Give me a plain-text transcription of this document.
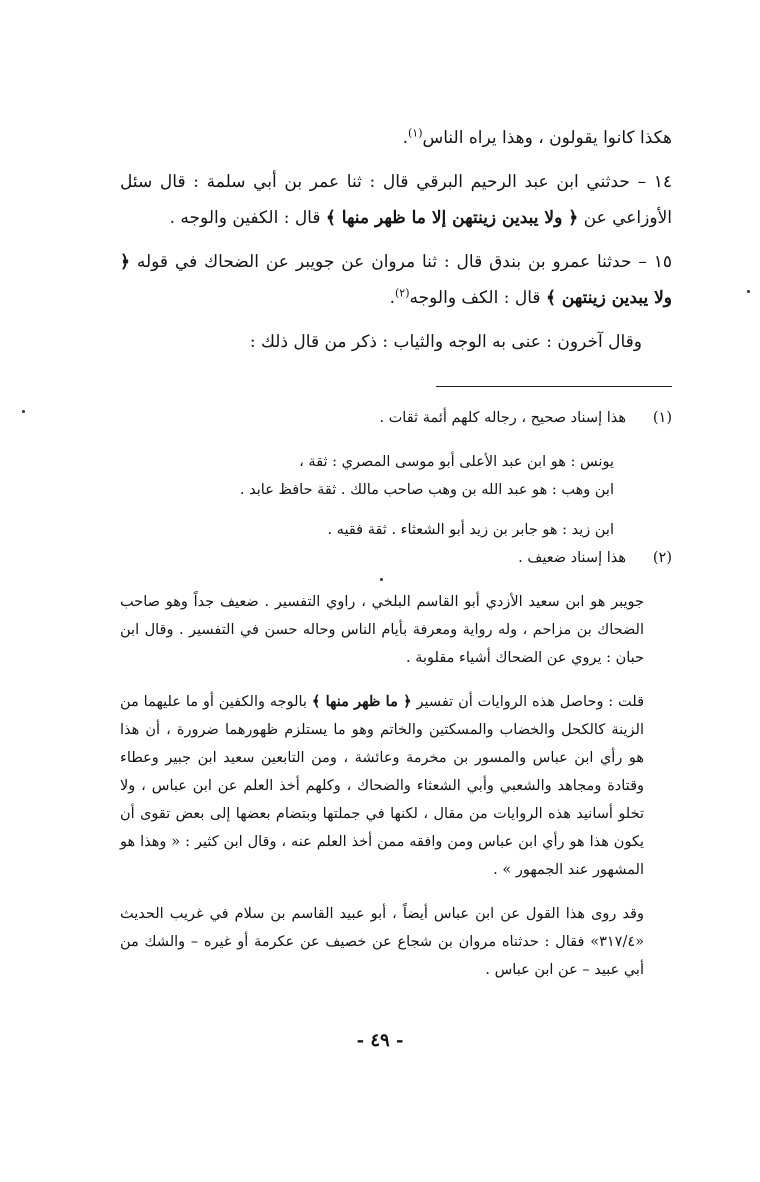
هكذا كانوا يقولون ، وهذا يراه الناس$^{(١)}$.

١٤ – حدثني ابن عبد الرحيم البرقي قال : ثنا عمر بن أبي سلمة : قال سئل الأوزاعي عن ﴿ ولا يبدين زينتهن إلا ما ظهر منها ﴾ قال : الكفين والوجه .

١٥ – حدثنا عمرو بن بندق قال : ثنا مروان عن جويبر عن الضحاك في قوله ﴿ ولا يبدين زينتهن ﴾ قال : الكف والوجه$^{(٢)}$.

وقال آخرون : عنى به الوجه والثياب : ذكر من قال ذلك :

(١)
هذا إسناد صحيح ، رجاله كلهم أئمة ثقات .
يونس : هو ابن عبد الأعلى أبو موسى المصري : ثقة ،
ابن وهب : هو عبد الله بن وهب صاحب مالك . ثقة حافظ عابد .
ابن زيد : هو جابر بن زيد أبو الشعثاء . ثقة فقيه .
(٢)
هذا إسناد ضعيف .

جويبر هو ابن سعيد الأزدي أبو القاسم البلخي ، راوي التفسير . ضعيف جداً وهو صاحب الضحاك بن مزاحم ، وله رواية ومعرفة بأيام الناس وحاله حسن في التفسير . وقال ابن حبان : يروي عن الضحاك أشياء مقلوبة .

قلت : وحاصل هذه الروايات أن تفسير ﴿ ما ظهر منها ﴾ بالوجه والكفين أو ما عليهما من الزينة كالكحل والخضاب والمسكتين والخاتم وهو ما يستلزم ظهورهما ضرورة ، أن هذا هو رأي ابن عباس والمسور بن مخرمة وعائشة ، ومن التابعين سعيد ابن جبير وعطاء وقتادة ومجاهد والشعبي وأبي الشعثاء والضحاك ، وكلهم أخذ العلم عن ابن عباس ، ولا تخلو أسانيد هذه الروايات من مقال ، لكنها في جملتها وبتضام بعضها إلى بعض تقوى أن يكون هذا هو رأي ابن عباس ومن وافقه ممن أخذ العلم عنه ، وقال ابن كثير : « وهذا هو المشهور عند الجمهور » .

وقد روى هذا القول عن ابن عباس أيضاً ، أبو عبيد القاسم بن سلام في غريب الحديث «٣١٧/٤» فقال : حدثناه مروان بن شجاع عن خصيف عن عكرمة أو غيره – والشك من أبي عبيد – عن ابن عباس .

- ٤٩ -
